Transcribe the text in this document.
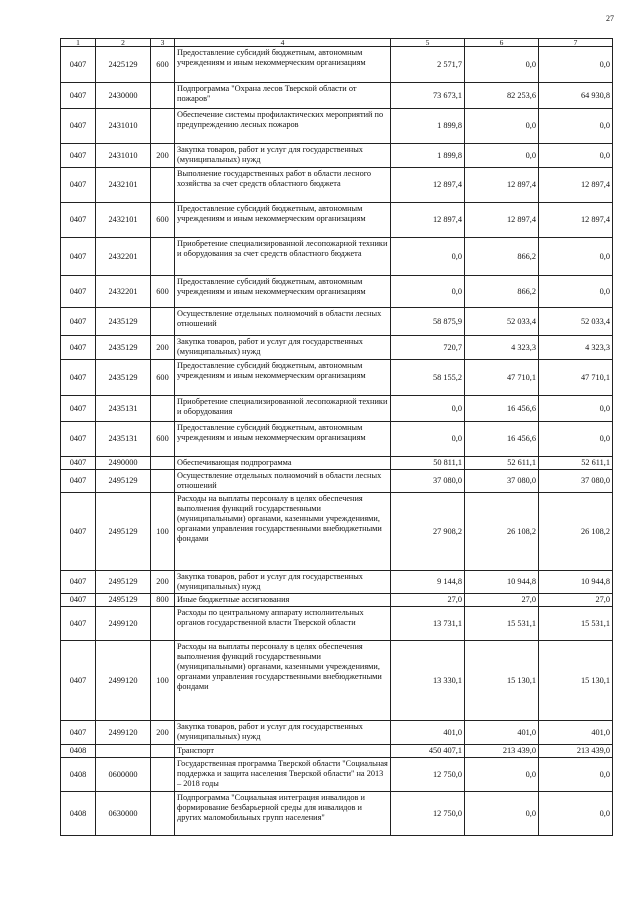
27
1	2	3	4	5	6	7
0407	2425129	600	Предоставление субсидий бюджетным, автономным учреждениям и иным некоммерческим организациям	2 571,7	0,0	0,0
0407	2430000		Подпрограмма "Охрана лесов Тверской области от пожаров"	73 673,1	82 253,6	64 930,8
0407	2431010		Обеспечение системы профилактических мероприятий по предупреждению лесных пожаров	1 899,8	0,0	0,0
0407	2431010	200	Закупка товаров, работ и услуг для государственных (муниципальных) нужд	1 899,8	0,0	0,0
0407	2432101		Выполнение государственных работ в области лесного хозяйства за счет средств областного бюджета	12 897,4	12 897,4	12 897,4
0407	2432101	600	Предоставление субсидий бюджетным, автономным учреждениям и иным некоммерческим организациям	12 897,4	12 897,4	12 897,4
0407	2432201		Приобретение специализированной лесопожарной техники и оборудования за счет средств областного бюджета	0,0	866,2	0,0
0407	2432201	600	Предоставление субсидий бюджетным, автономным учреждениям и иным некоммерческим организациям	0,0	866,2	0,0
0407	2435129		Осуществление отдельных полномочий в области лесных отношений	58 875,9	52 033,4	52 033,4
0407	2435129	200	Закупка товаров, работ и услуг для государственных (муниципальных) нужд	720,7	4 323,3	4 323,3
0407	2435129	600	Предоставление субсидий бюджетным, автономным учреждениям и иным некоммерческим организациям	58 155,2	47 710,1	47 710,1
0407	2435131		Приобретение специализированной лесопожарной техники и оборудования	0,0	16 456,6	0,0
0407	2435131	600	Предоставление субсидий бюджетным, автономным учреждениям и иным некоммерческим организациям	0,0	16 456,6	0,0
0407	2490000		Обеспечивающая подпрограмма	50 811,1	52 611,1	52 611,1
0407	2495129		Осуществление отдельных полномочий в области лесных отношений	37 080,0	37 080,0	37 080,0
0407	2495129	100	Расходы на выплаты персоналу в целях обеспечения выполнения функций государственными (муниципальными) органами, казенными учреждениями, органами управления государственными внебюджетными фондами	27 908,2	26 108,2	26 108,2
0407	2495129	200	Закупка товаров, работ и услуг для государственных (муниципальных) нужд	9 144,8	10 944,8	10 944,8
0407	2495129	800	Иные бюджетные ассигнования	27,0	27,0	27,0
0407	2499120		Расходы по центральному аппарату исполнительных органов государственной власти Тверской области	13 731,1	15 531,1	15 531,1
0407	2499120	100	Расходы на выплаты персоналу в целях обеспечения выполнения функций государственными (муниципальными) органами, казенными учреждениями, органами управления государственными внебюджетными фондами	13 330,1	15 130,1	15 130,1
0407	2499120	200	Закупка товаров, работ и услуг для государственных (муниципальных) нужд	401,0	401,0	401,0
0408			Транспорт	450 407,1	213 439,0	213 439,0
0408	0600000		Государственная программа Тверской области "Социальная поддержка и защита населения Тверской области" на 2013 – 2018 годы	12 750,0	0,0	0,0
0408	0630000		Подпрограмма "Социальная интеграция инвалидов и формирование безбарьерной среды для инвалидов и других маломобильных групп населения"	12 750,0	0,0	0,0
